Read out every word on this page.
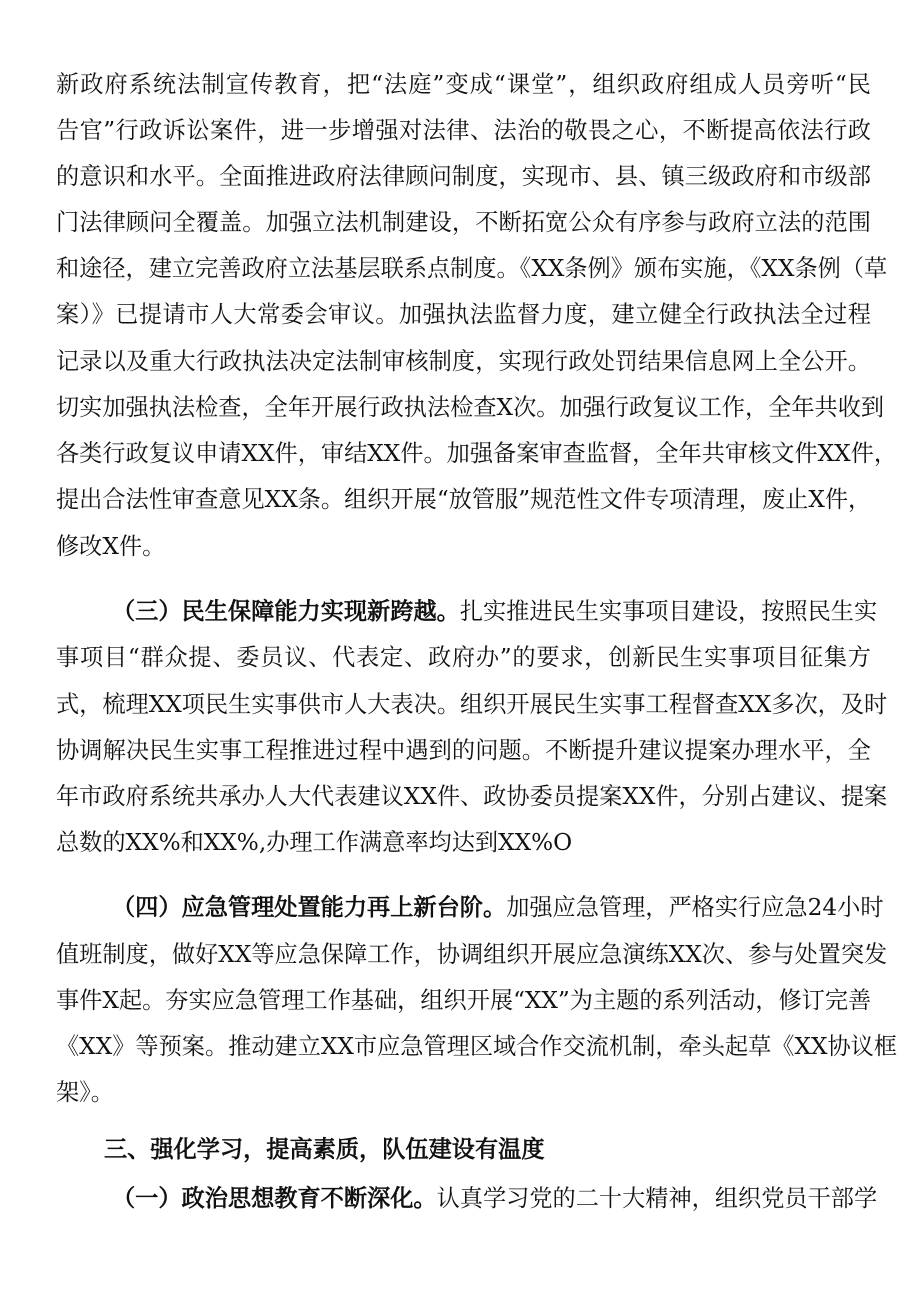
新政府系统法制宣传教育，把“法庭”变成“课堂”，组织政府组成人员旁听“民
告官”行政诉讼案件，进一步增强对法律、法治的敬畏之心，不断提高依法行政
的意识和水平。全面推进政府法律顾问制度，实现市、县、镇三级政府和市级部
门法律顾问全覆盖。加强立法机制建设，不断拓宽公众有序参与政府立法的范围
和途径，建立完善政府立法基层联系点制度。《XX条例》颁布实施，《XX条例（草
案）》已提请市人大常委会审议。加强执法监督力度，建立健全行政执法全过程
记录以及重大行政执法决定法制审核制度，实现行政处罚结果信息网上全公开。
切实加强执法检查，全年开展行政执法检查X次。加强行政复议工作，全年共收到
各类行政复议申请XX件，审结XX件。加强备案审查监督，全年共审核文件XX件，
提出合法性审查意见XX条。组织开展“放管服”规范性文件专项清理，废止X件，
修改X件。
（三）民生保障能力实现新跨越。扎实推进民生实事项目建设，按照民生实
事项目“群众提、委员议、代表定、政府办”的要求，创新民生实事项目征集方
式，梳理XX项民生实事供市人大表决。组织开展民生实事工程督查XX多次，及时
协调解决民生实事工程推进过程中遇到的问题。不断提升建议提案办理水平，全
年市政府系统共承办人大代表建议XX件、政协委员提案XX件，分别占建议、提案
总数的XX%和XX%,办理工作满意率均达到XX%O
（四）应急管理处置能力再上新台阶。加强应急管理，严格实行应急24小时
值班制度，做好XX等应急保障工作，协调组织开展应急演练XX次、参与处置突发
事件X起。夯实应急管理工作基础，组织开展“XX”为主题的系列活动，修订完善
《XX》等预案。推动建立XX市应急管理区域合作交流机制，牵头起草《XX协议框
架》。
三、强化学习，提高素质，队伍建设有温度
（一）政治思想教育不断深化。认真学习党的二十大精神，组织党员干部学
